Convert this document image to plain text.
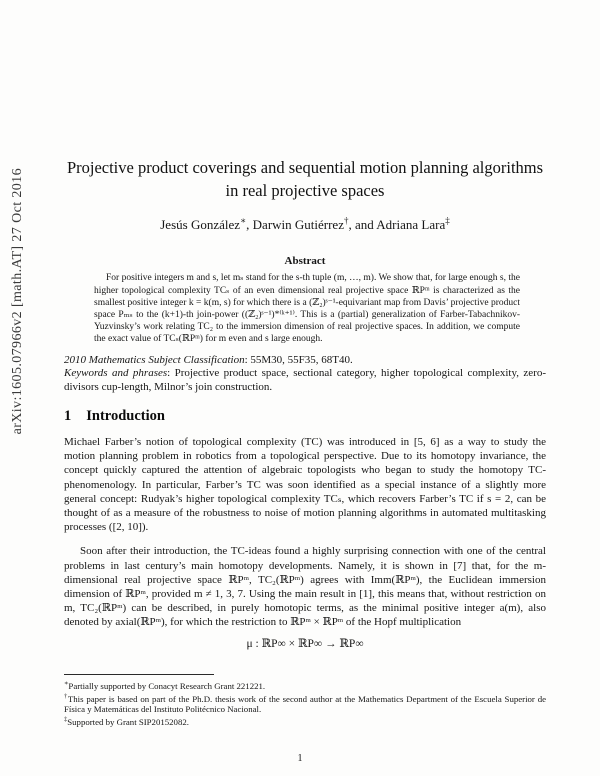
arXiv:1605.07966v2 [math.AT] 27 Oct 2016
Projective product coverings and sequential motion planning algorithms
in real projective spaces
Jesús González∗, Darwin Gutiérrez†, and Adriana Lara‡
Abstract

For positive integers m and s, let mₛ stand for the s-th tuple (m, …, m). We show that, for large enough s, the higher topological complexity TCₛ of an even dimensional real projective space ℝPᵐ is characterized as the smallest positive integer k = k(m, s) for which there is a (ℤ₂)ˢ⁻¹-equivariant map from Davis’ projective product space Pₘₛ to the (k+1)-th join-power ((ℤ₂)ˢ⁻¹)*⁽ᵏ⁺¹⁾. This is a (partial) generalization of Farber-Tabachnikov-Yuzvinsky’s work relating TC₂ to the immersion dimension of real projective spaces. In addition, we compute the exact value of TCₛ(ℝPᵐ) for m even and s large enough.

2010 Mathematics Subject Classification: 55M30, 55F35, 68T40.

Keywords and phrases: Projective product space, sectional category, higher topological complexity, zero-divisors cup-length, Milnor’s join construction.

1 Introduction

Michael Farber’s notion of topological complexity (TC) was introduced in [5, 6] as a way to study the motion planning problem in robotics from a topological perspective. Due to its homotopy invariance, the concept quickly captured the attention of algebraic topologists who began to study the homotopy TC-phenomenology. In particular, Farber’s TC was soon identified as a special instance of a slightly more general concept: Rudyak’s higher topological complexity TCₛ, which recovers Farber’s TC if s = 2, can be thought of as a measure of the robustness to noise of motion planning algorithms in automated multitasking processes ([2, 10]).

Soon after their introduction, the TC-ideas found a highly surprising connection with one of the central problems in last century’s main homotopy developments. Namely, it is shown in [7] that, for the m-dimensional real projective space ℝPᵐ, TC₂(ℝPᵐ) agrees with Imm(ℝPᵐ), the Euclidean immersion dimension of ℝPᵐ, provided m ≠ 1, 3, 7. Using the main result in [1], this means that, without restriction on m, TC₂(ℝPᵐ) can be described, in purely homotopic terms, as the minimal positive integer a(m), also denoted by axial(ℝPᵐ), for which the restriction to ℝPᵐ × ℝPᵐ of the Hopf multiplication

μ : ℝP∞ × ℝP∞ → ℝP∞

∗Partially supported by Conacyt Research Grant 221221.

†This paper is based on part of the Ph.D. thesis work of the second author at the Mathematics Department of the Escuela Superior de Física y Matemáticas del Instituto Politécnico Nacional.

‡Supported by Grant SIP20152082.

1
